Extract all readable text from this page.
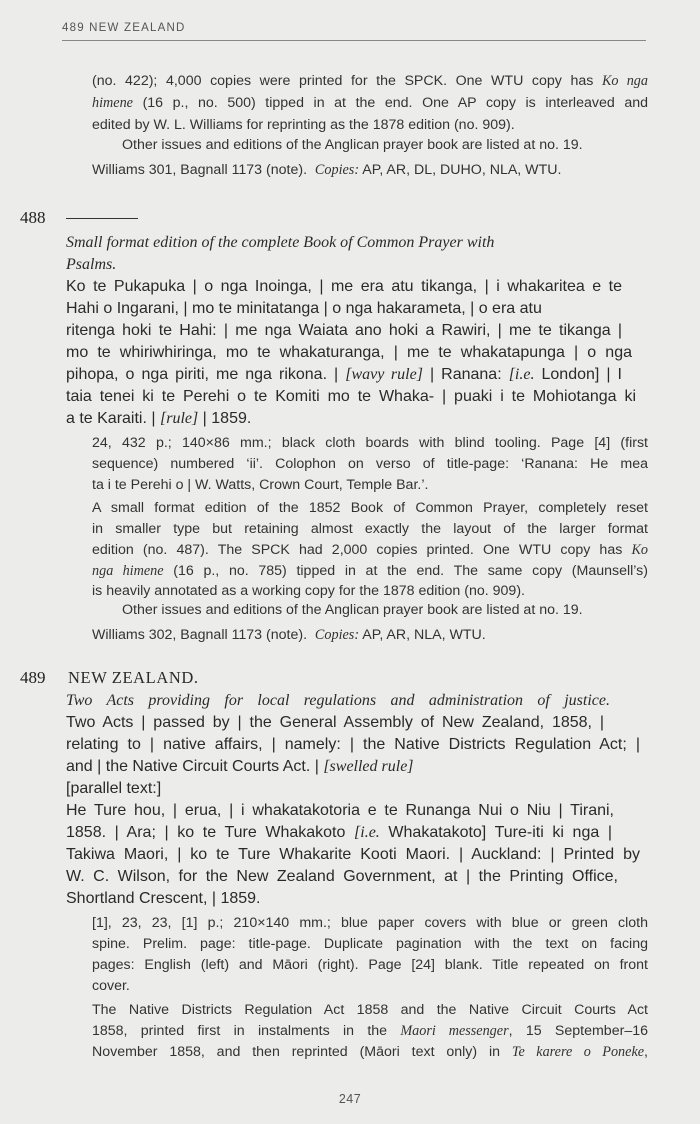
489 NEW ZEALAND
(no. 422); 4,000 copies were printed for the SPCK. One WTU copy has Ko nga
himene (16 p., no. 500) tipped in at the end. One AP copy is interleaved and
edited by W. L. Williams for reprinting as the 1878 edition (no. 909).
Other issues and editions of the Anglican prayer book are listed at no. 19.
Williams 301, Bagnall 1173 (note). Copies: AP, AR, DL, DUHO, NLA, WTU.
488
Small format edition of the complete Book of Common Prayer with
Psalms.
Ko te Pukapuka | o nga Inoinga, | me era atu tikanga, | i whakaritea e te
Hahi o Ingarani, | mo te minitatanga | o nga hakarameta, | o era atu
ritenga hoki te Hahi: | me nga Waiata ano hoki a Rawiri, | me te tikanga |
mo te whiriwhiringa, mo te whakaturanga, | me te whakatapunga | o nga
pihopa, o nga piriti, me nga rikona. | [wavy rule] | Ranana: [i.e. London] | I
taia tenei ki te Perehi o te Komiti mo te Whaka- | puaki i te Mohiotanga ki
a te Karaiti. | [rule] | 1859.
24, 432 p.; 140×86 mm.; black cloth boards with blind tooling. Page [4] (first
sequence) numbered ‘ii’. Colophon on verso of title-page: ‘Ranana: He mea
ta i te Perehi o | W. Watts, Crown Court, Temple Bar.’.
A small format edition of the 1852 Book of Common Prayer, completely reset
in smaller type but retaining almost exactly the layout of the larger format
edition (no. 487). The SPCK had 2,000 copies printed. One WTU copy has Ko
nga himene (16 p., no. 785) tipped in at the end. The same copy (Maunsell’s)
is heavily annotated as a working copy for the 1878 edition (no. 909).
Other issues and editions of the Anglican prayer book are listed at no. 19.
Williams 302, Bagnall 1173 (note). Copies: AP, AR, NLA, WTU.
489 NEW ZEALAND.
Two Acts providing for local regulations and administration of justice.
Two Acts | passed by | the General Assembly of New Zealand, 1858, |
relating to | native affairs, | namely: | the Native Districts Regulation Act; |
and | the Native Circuit Courts Act. | [swelled rule]
[parallel text:]
He Ture hou, | erua, | i whakatakotoria e te Runanga Nui o Niu | Tirani,
1858. | Ara; | ko te Ture Whakakoto [i.e. Whakatakoto] Ture-iti ki nga |
Takiwa Maori, | ko te Ture Whakarite Kooti Maori. | Auckland: | Printed by
W. C. Wilson, for the New Zealand Government, at | the Printing Office,
Shortland Crescent, | 1859.
[1], 23, 23, [1] p.; 210×140 mm.; blue paper covers with blue or green cloth
spine. Prelim. page: title-page. Duplicate pagination with the text on facing
pages: English (left) and Māori (right). Page [24] blank. Title repeated on front
cover.
The Native Districts Regulation Act 1858 and the Native Circuit Courts Act
1858, printed first in instalments in the Maori messenger, 15 September–16
November 1858, and then reprinted (Māori text only) in Te karere o Poneke,
247
